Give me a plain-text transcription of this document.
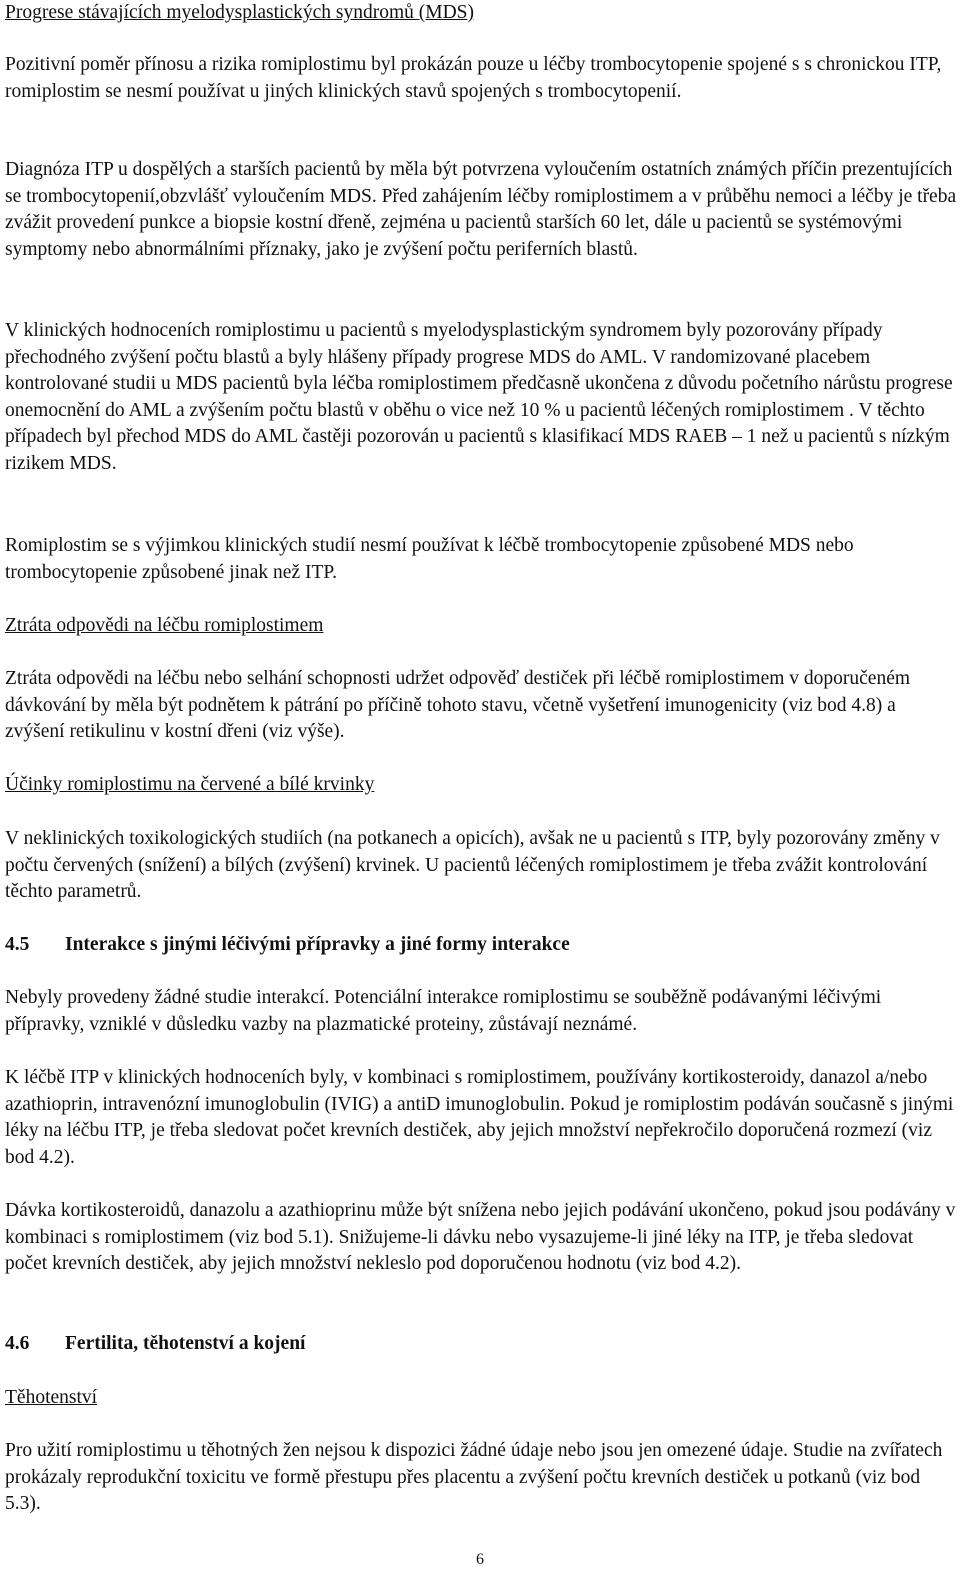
Progrese stávajících myelodysplastických syndromů (MDS)

Pozitivní poměr přínosu a rizika romiplostimu byl prokázán pouze u léčby trombocytopenie spojené s s chronickou ITP, romiplostim se nesmí používat u jiných klinických stavů spojených s trombocytopenií.

Diagnóza ITP u dospělých a starších pacientů by měla být potvrzena vyloučením ostatních známých příčin prezentujících se trombocytopenií,obzvlášť vyloučením MDS. Před zahájením léčby romiplostimem a v průběhu nemoci a léčby je třeba zvážit provedení punkce a biopsie kostní dřeně, zejména u pacientů starších 60 let, dále u pacientů se systémovými symptomy nebo abnormálními příznaky, jako je zvýšení počtu periferních blastů.

V klinických hodnoceních romiplostimu u pacientů s myelodysplastickým syndromem byly pozorovány případy přechodného zvýšení počtu blastů a byly hlášeny případy progrese MDS do AML. V randomizované placebem kontrolované studii u MDS pacientů byla léčba romiplostimem předčasně ukončena z důvodu početního nárůstu progrese onemocnění do AML a zvýšením počtu blastů v oběhu o vice než 10 % u pacientů léčených romiplostimem . V těchto případech byl přechod MDS do AML častěji pozorován u pacientů s klasifikací MDS RAEB – 1 než u pacientů s nízkým rizikem MDS.

Romiplostim se s výjimkou klinických studií nesmí používat k léčbě trombocytopenie způsobené MDS nebo trombocytopenie způsobené jinak než ITP.

Ztráta odpovědi na léčbu romiplostimem

Ztráta odpovědi na léčbu nebo selhání schopnosti udržet odpověď destiček při léčbě romiplostimem v doporučeném dávkování by měla být podnětem k pátrání po příčině tohoto stavu, včetně vyšetření imunogenicity (viz bod 4.8) a zvýšení retikulinu v kostní dřeni (viz výše).

Účinky romiplostimu na červené a bílé krvinky

V neklinických toxikologických studiích (na potkanech a opicích), avšak ne u pacientů s ITP, byly pozorovány změny v počtu červených (snížení) a bílých (zvýšení) krvinek. U pacientů léčených romiplostimem je třeba zvážit kontrolování těchto parametrů.

4.5 Interakce s jinými léčivými přípravky a jiné formy interakce

Nebyly provedeny žádné studie interakcí. Potenciální interakce romiplostimu se souběžně podávanými léčivými přípravky, vzniklé v důsledku vazby na plazmatické proteiny, zůstávají neznámé.

K léčbě ITP v klinických hodnoceních byly, v kombinaci s romiplostimem, používány kortikosteroidy, danazol a/nebo azathioprin, intravenózní imunoglobulin (IVIG) a antiD imunoglobulin. Pokud je romiplostim podáván současně s jinými léky na léčbu ITP, je třeba sledovat počet krevních destiček, aby jejich množství nepřekročilo doporučená rozmezí (viz bod 4.2).

Dávka kortikosteroidů, danazolu a azathioprinu může být snížena nebo jejich podávání ukončeno, pokud jsou podávány v kombinaci s romiplostimem (viz bod 5.1). Snižujeme-li dávku nebo vysazujeme-li jiné léky na ITP, je třeba sledovat počet krevních destiček, aby jejich množství nekleslo pod doporučenou hodnotu (viz bod 4.2).

4.6 Fertilita, těhotenství a kojení

Těhotenství

Pro užití romiplostimu u těhotných žen nejsou k dispozici žádné údaje nebo jsou jen omezené údaje. Studie na zvířatech prokázaly reprodukční toxicitu ve formě přestupu přes placentu a zvýšení počtu krevních destiček u potkanů (viz bod 5.3).

6
